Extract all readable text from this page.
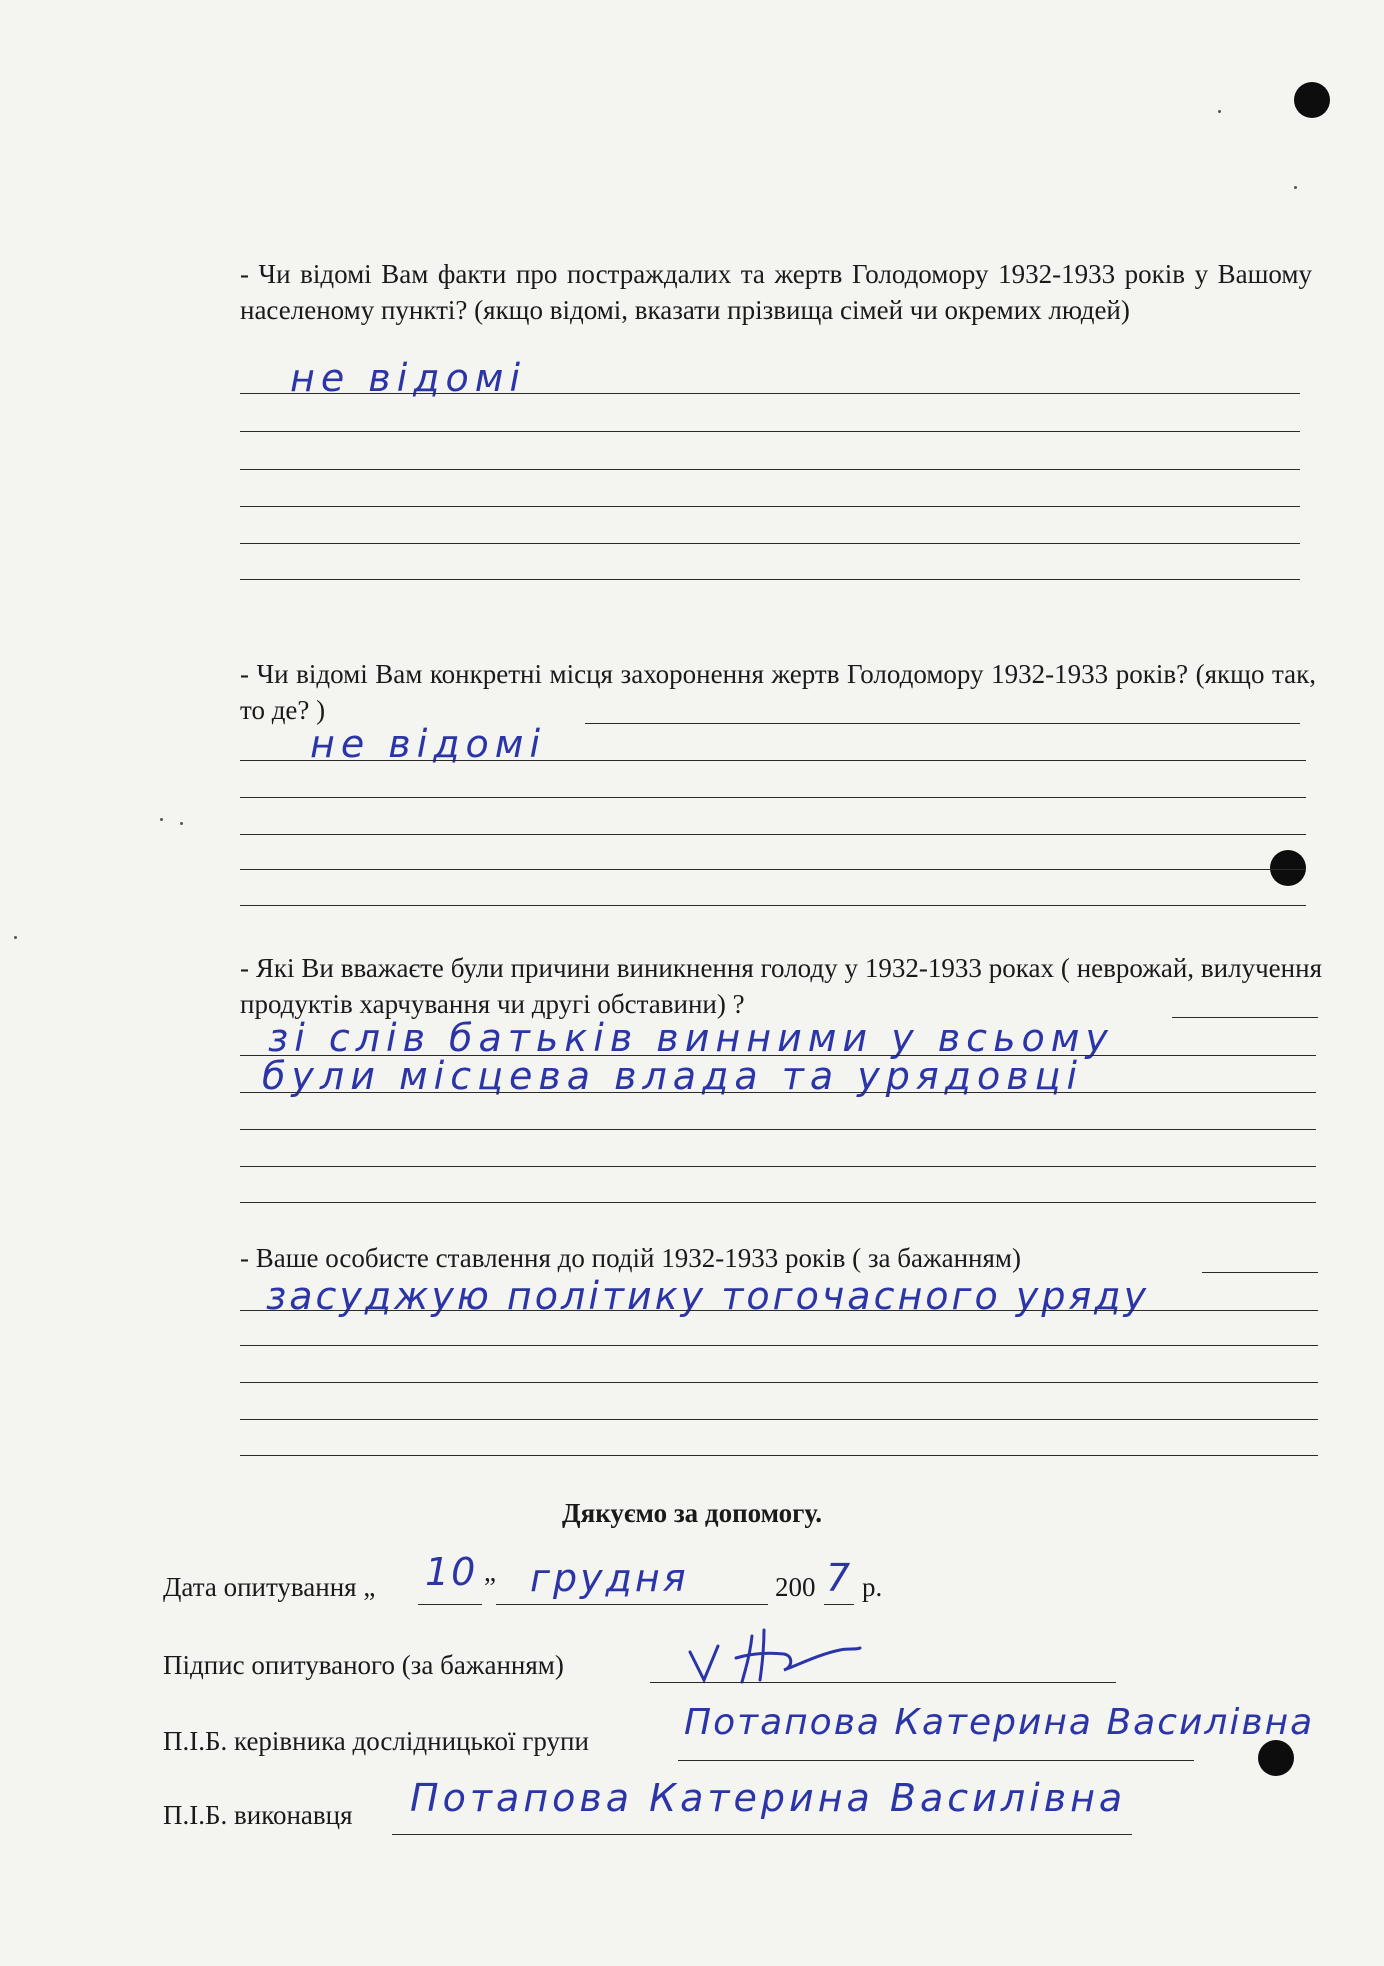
- Чи відомі Вам факти про постраждалих та жертв Голодомору 1932-1933 років у Вашому населеному пункті? (якщо відомі, вказати прізвища сімей чи окремих людей)

не відомі

- Чи відомі Вам конкретні місця захоронення жертв Голодомору 1932-1933 років? (якщо так, то де? )

не відомі

- Які Ви вважаєте були причини виникнення голоду у 1932-1933 роках ( неврожай, вилучення продуктів харчування чи другі обставини) ?

зі слів батьків винними у всьому
були місцева влада та урядовці

- Ваше особисте ставлення до подій 1932-1933 років ( за бажанням)

засуджую політику тогочасного уряду
Дякуємо за допомогу.
Дата опитування „ 10 ” грудня	200 7 р.
Підпис опитуваного (за бажанням)
П.І.Б. керівника дослідницької групи	Потапова Катерина Василівна
П.І.Б. виконавця Потапова Катерина Василівна
